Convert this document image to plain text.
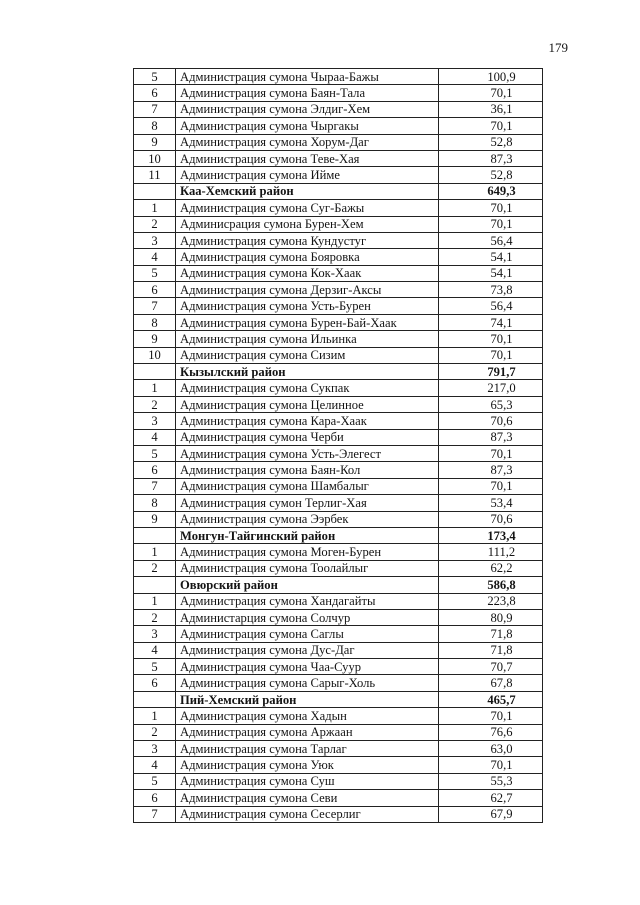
179
5	Администрация сумона Чыраа-Бажы	100,9
6	Администрация сумона Баян-Тала	70,1
7	Администрация сумона Элдиг-Хем	36,1
8	Администрация сумона Чыргакы	70,1
9	Администрация сумона Хорум-Даг	52,8
10	Администрация сумона Теве-Хая	87,3
11	Администрация сумона Ийме	52,8
	Каа-Хемский район	649,3
1	Администрация сумона Суг-Бажы	70,1
2	Админисрация сумона Бурен-Хем	70,1
3	Администрация сумона Кундустуг	56,4
4	Администрация сумона Бояровка	54,1
5	Администрация сумона Кок-Хаак	54,1
6	Администрация сумона Дерзиг-Аксы	73,8
7	Администрация сумона Усть-Бурен	56,4
8	Администрация сумона Бурен-Бай-Хаак	74,1
9	Администрация сумона Ильинка	70,1
10	Администрация сумона Сизим	70,1
	Кызылский район	791,7
1	Администрация сумона Сукпак	217,0
2	Администрация сумона Целинное	65,3
3	Администрация сумона Кара-Хаак	70,6
4	Администрация сумона Черби	87,3
5	Администрация сумона Усть-Элегест	70,1
6	Администрация сумона Баян-Кол	87,3
7	Администрация сумона Шамбалыг	70,1
8	Администрация сумон Терлиг-Хая	53,4
9	Администрация сумона Ээрбек	70,6
	Монгун-Тайгинский район	173,4
1	Администрация сумона Моген-Бурен	111,2
2	Администрация сумона Тоолайлыг	62,2
	Овюрский район	586,8
1	Администрация сумона Хандагайты	223,8
2	Администарция сумона Солчур	80,9
3	Администрация сумона Саглы	71,8
4	Администрация сумона Дус-Даг	71,8
5	Администрация сумона Чаа-Суур	70,7
6	Администрация сумона Сарыг-Холь	67,8
	Пий-Хемский район	465,7
1	Администрация сумона Хадын	70,1
2	Администрация сумона Аржаан	76,6
3	Администрация сумона Тарлаг	63,0
4	Администрация сумона Уюк	70,1
5	Администрация сумона Суш	55,3
6	Администрация сумона Севи	62,7
7	Администрация сумона Сесерлиг	67,9
